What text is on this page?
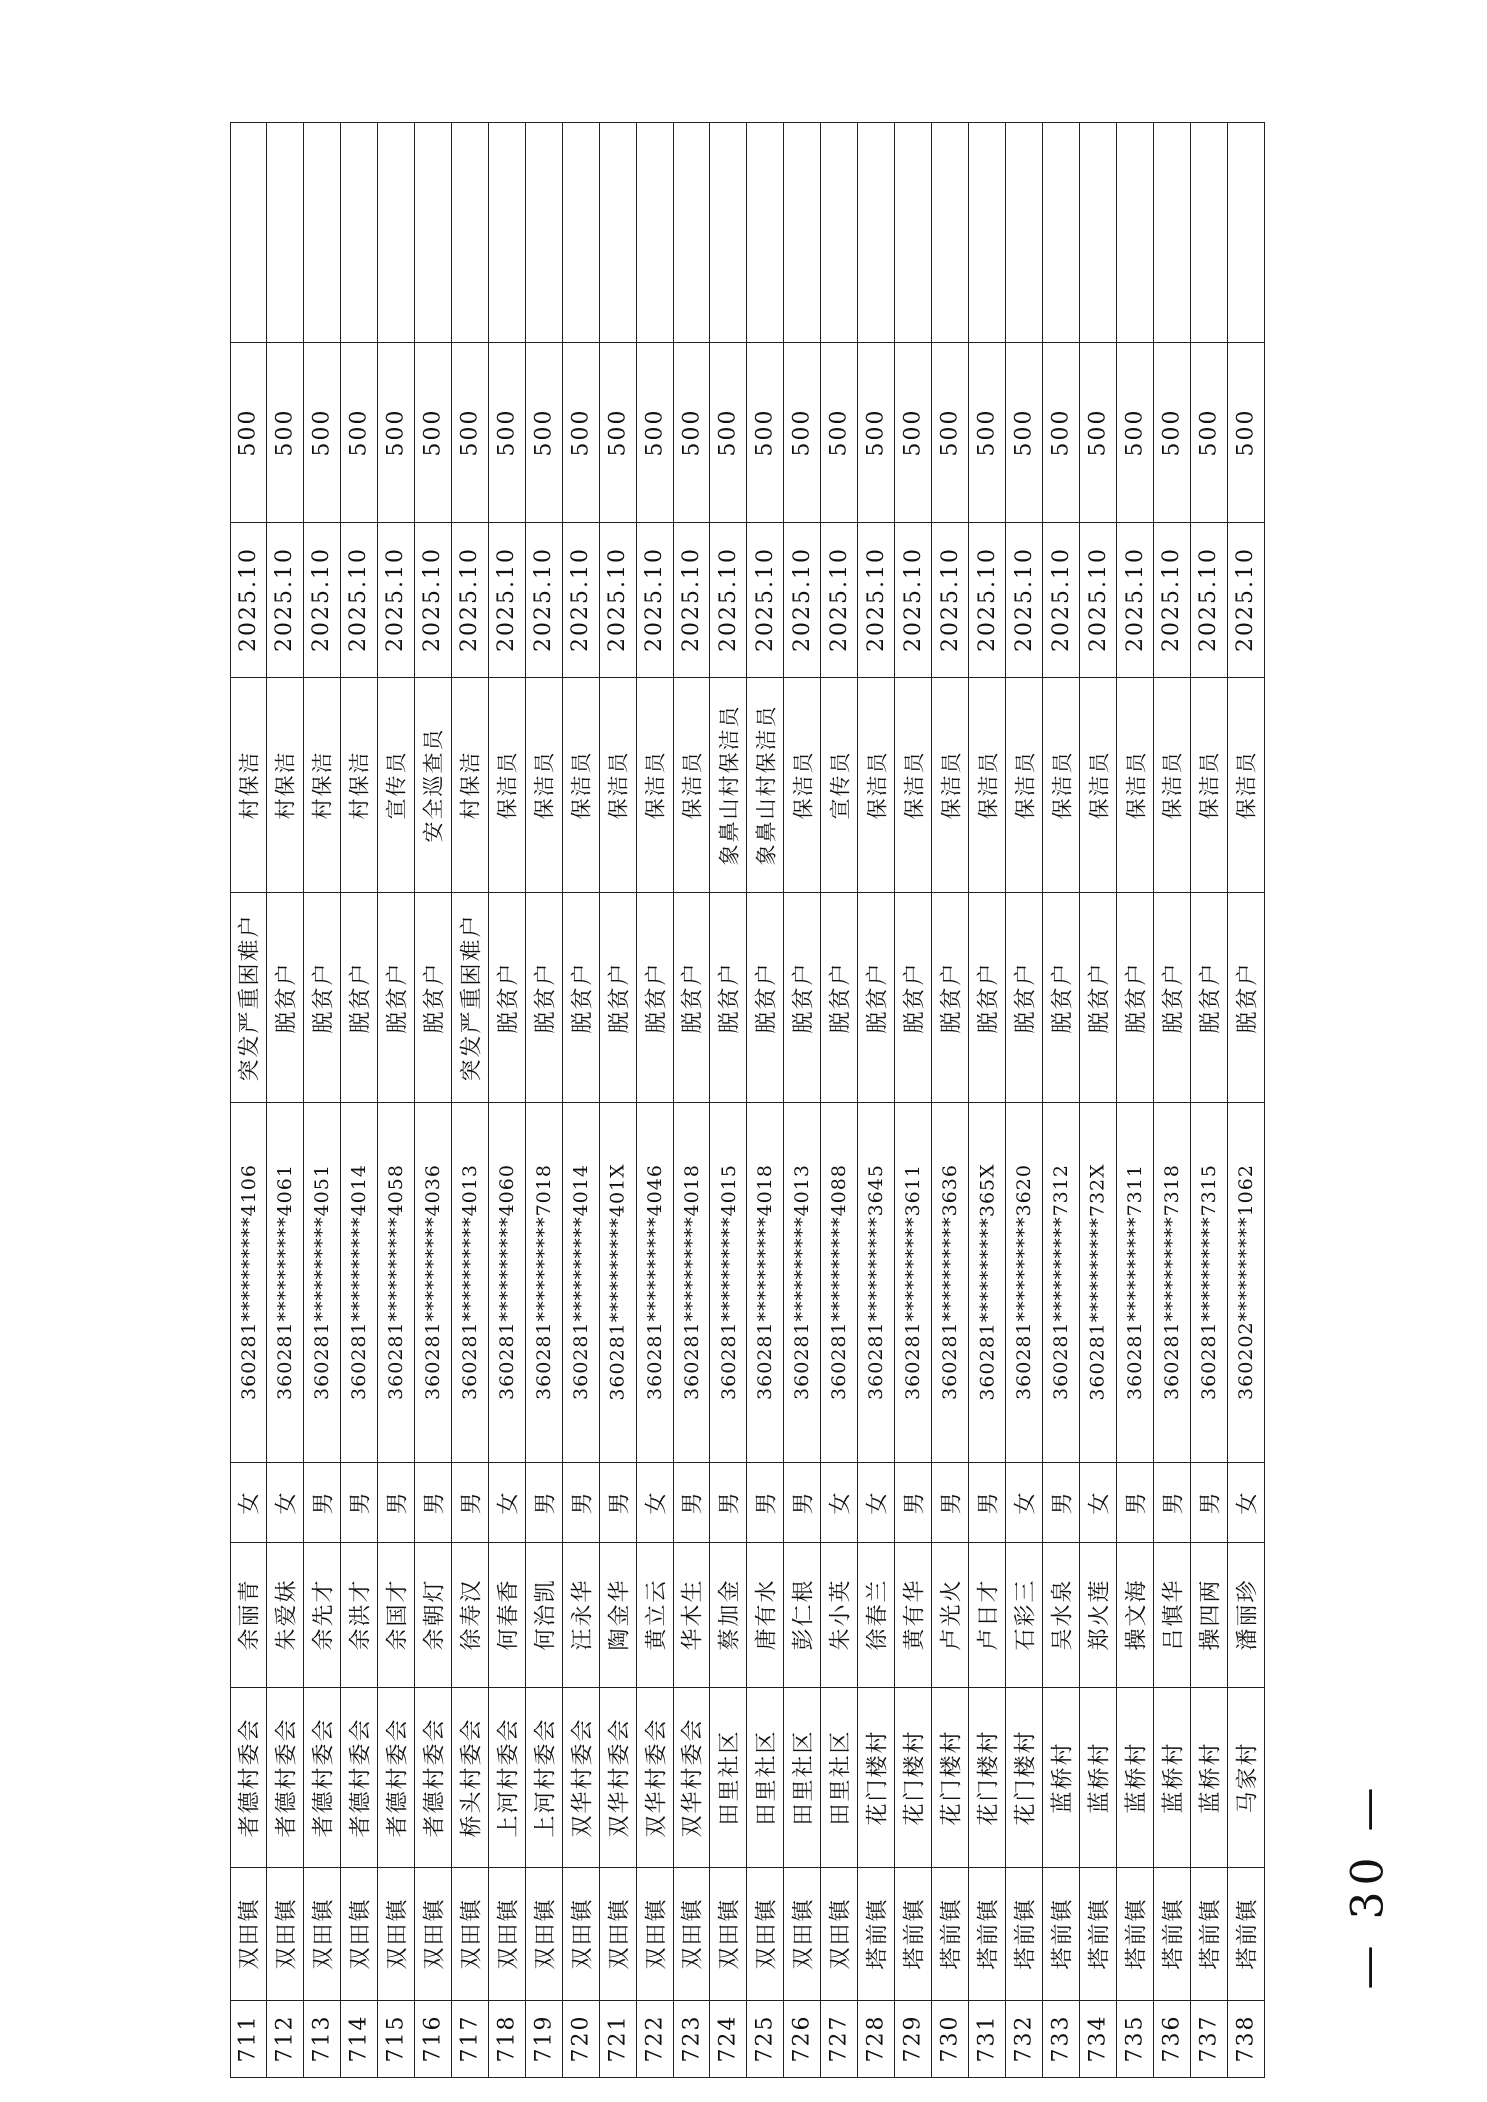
711
双田镇
者德村委会
余丽青
女
360281**********4106
突发严重困难户
村保洁
2025.10
500
712
双田镇
者德村委会
朱爱妹
女
360281**********4061
脱贫户
村保洁
2025.10
500
713
双田镇
者德村委会
余先才
男
360281**********4051
脱贫户
村保洁
2025.10
500
714
双田镇
者德村委会
余洪才
男
360281**********4014
脱贫户
村保洁
2025.10
500
715
双田镇
者德村委会
余国才
男
360281**********4058
脱贫户
宣传员
2025.10
500
716
双田镇
者德村委会
余朝灯
男
360281**********4036
脱贫户
安全巡查员
2025.10
500
717
双田镇
桥头村委会
徐寿汉
男
360281**********4013
突发严重困难户
村保洁
2025.10
500
718
双田镇
上河村委会
何春香
女
360281**********4060
脱贫户
保洁员
2025.10
500
719
双田镇
上河村委会
何治凯
男
360281**********7018
脱贫户
保洁员
2025.10
500
720
双田镇
双华村委会
汪永华
男
360281**********4014
脱贫户
保洁员
2025.10
500
721
双田镇
双华村委会
陶金华
男
360281**********401X
脱贫户
保洁员
2025.10
500
722
双田镇
双华村委会
黄立云
女
360281**********4046
脱贫户
保洁员
2025.10
500
723
双田镇
双华村委会
华木生
男
360281**********4018
脱贫户
保洁员
2025.10
500
724
双田镇
田里社区
蔡加金
男
360281**********4015
脱贫户
象鼻山村保洁员
2025.10
500
725
双田镇
田里社区
唐有水
男
360281**********4018
脱贫户
象鼻山村保洁员
2025.10
500
726
双田镇
田里社区
彭仁根
男
360281**********4013
脱贫户
保洁员
2025.10
500
727
双田镇
田里社区
朱小英
女
360281**********4088
脱贫户
宣传员
2025.10
500
728
塔前镇
花门楼村
徐春兰
女
360281**********3645
脱贫户
保洁员
2025.10
500
729
塔前镇
花门楼村
黄有华
男
360281**********3611
脱贫户
保洁员
2025.10
500
730
塔前镇
花门楼村
卢光火
男
360281**********3636
脱贫户
保洁员
2025.10
500
731
塔前镇
花门楼村
卢日才
男
360281**********365X
脱贫户
保洁员
2025.10
500
732
塔前镇
花门楼村
石彩三
女
360281**********3620
脱贫户
保洁员
2025.10
500
733
塔前镇
蓝桥村
吴水泉
男
360281**********7312
脱贫户
保洁员
2025.10
500
734
塔前镇
蓝桥村
郑火莲
女
360281**********732X
脱贫户
保洁员
2025.10
500
735
塔前镇
蓝桥村
操文海
男
360281**********7311
脱贫户
保洁员
2025.10
500
736
塔前镇
蓝桥村
吕慎华
男
360281**********7318
脱贫户
保洁员
2025.10
500
737
塔前镇
蓝桥村
操四两
男
360281**********7315
脱贫户
保洁员
2025.10
500
738
塔前镇
马家村
潘丽珍
女
360202**********1062
脱贫户
保洁员
2025.10
500
— 30 —
